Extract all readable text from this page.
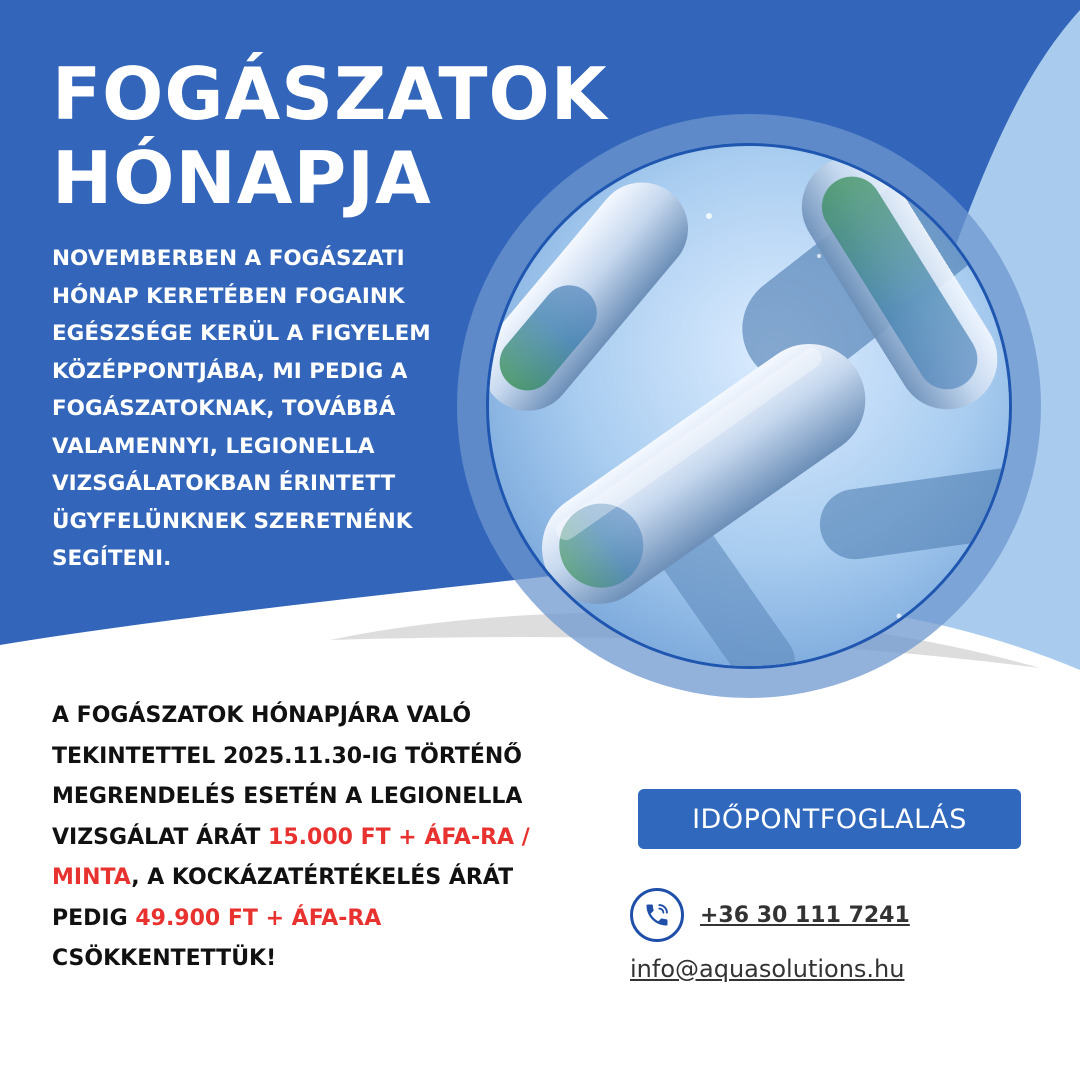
FOGÁSZATOK
HÓNAPJA

NOVEMBERBEN A FOGÁSZATI HÓNAP KERETÉBEN FOGAINK EGÉSZSÉGE KERÜL A FIGYELEM KÖZÉPPONTJÁBA, MI PEDIG A FOGÁSZATOKNAK, TOVÁBBÁ VALAMENNYI, LEGIONELLA VIZSGÁLATOKBAN ÉRINTETT ÜGYFELÜNKNEK SZERETNÉNK SEGÍTENI.

A FOGÁSZATOK HÓNAPJÁRA VALÓ TEKINTETTEL 2025.11.30-IG TÖRTÉNŐ MEGRENDELÉS ESETÉN A LEGIONELLA VIZSGÁLAT ÁRÁT 15.000 FT + ÁFA-RA / MINTA, A KOCKÁZATÉRTÉKELÉS ÁRÁT PEDIG 49.900 FT + ÁFA-RA CSÖKKENTETTÜK!

IDŐPONTFOGLALÁS
+36 30 111 7241
info@aquasolutions.hu
